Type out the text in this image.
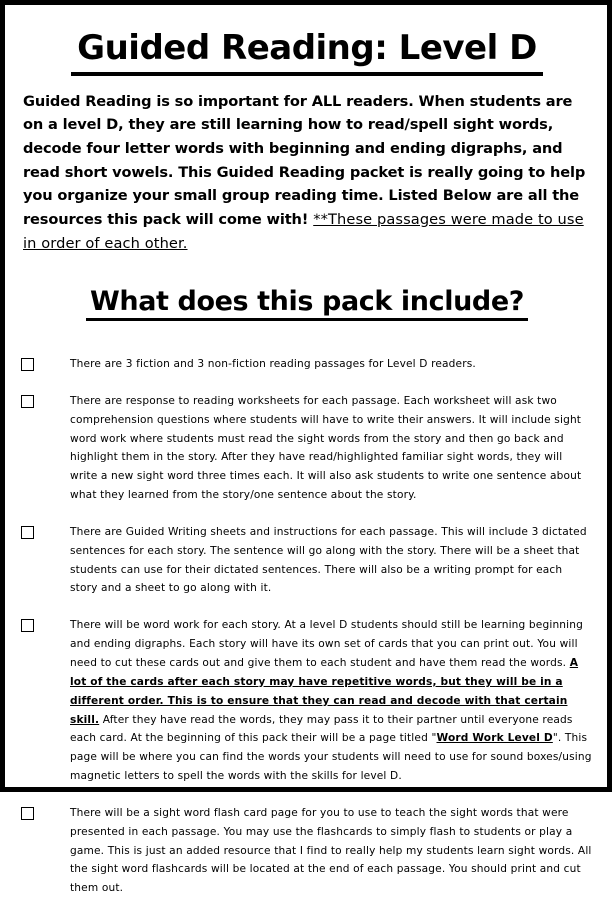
Guided Reading: Level D

Guided Reading is so important for ALL readers. When students are on a level D, they are still learning how to read/spell sight words, decode four letter words with beginning and ending digraphs, and read short vowels. This Guided Reading packet is really going to help you organize your small group reading time. Listed Below are all the resources this pack will come with! **These passages were made to use in order of each other.

What does this pack include?
There are 3 fiction and 3 non-fiction reading passages for Level D readers.
There are response to reading worksheets for each passage. Each worksheet will ask two comprehension questions where students will have to write their answers. It will include sight word work where students must read the sight words from the story and then go back and highlight them in the story. After they have read/highlighted familiar sight words, they will write a new sight word three times each. It will also ask students to write one sentence about what they learned from the story/one sentence about the story.
There are Guided Writing sheets and instructions for each passage. This will include 3 dictated sentences for each story. The sentence will go along with the story. There will be a sheet that students can use for their dictated sentences. There will also be a writing prompt for each story and a sheet to go along with it.
There will be word work for each story. At a level D students should still be learning beginning and ending digraphs. Each story will have its own set of cards that you can print out. You will need to cut these cards out and give them to each student and have them read the words. A lot of the cards after each story may have repetitive words, but they will be in a different order. This is to ensure that they can read and decode with that certain skill. After they have read the words, they may pass it to their partner until everyone reads each card. At the beginning of this pack their will be a page titled "Word Work Level D". This page will be where you can find the words your students will need to use for sound boxes/using magnetic letters to spell the words with the skills for level D.
There will be a sight word flash card page for you to use to teach the sight words that were presented in each passage. You may use the flashcards to simply flash to students or play a game. This is just an added resource that I find to really help my students learn sight words. All the sight word flashcards will be located at the end of each passage. You should print and cut them out.
